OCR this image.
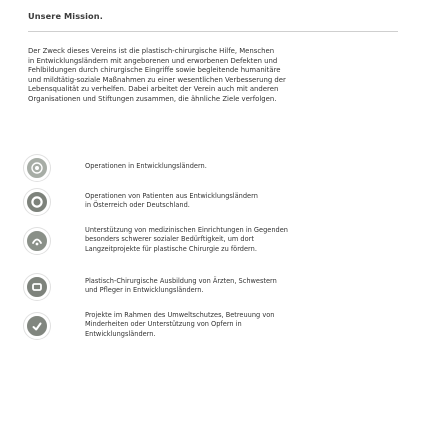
Unsere Mission.

Der Zweck dieses Vereins ist die plastisch-chirurgische Hilfe, Menschen
in Entwicklungsländern mit angeborenen und erworbenen Defekten und
Fehlbildungen durch chirurgische Eingriffe sowie begleitende humanitäre
und mildtätig-soziale Maßnahmen zu einer wesentlichen Verbesserung der
Lebensqualität zu verhelfen. Dabei arbeitet der Verein auch mit anderen
Organisationen und Stiftungen zusammen, die ähnliche Ziele verfolgen.

Operationen in Entwicklungsländern.
Operationen von Patienten aus Entwicklungsländern
in Österreich oder Deutschland.
Unterstützung von medizinischen Einrichtungen in Gegenden
besonders schwerer sozialer Bedürftigkeit, um dort
Langzeitprojekte für plastische Chirurgie zu fördern.
Plastisch-Chirurgische Ausbildung von Ärzten, Schwestern
und Pfleger in Entwicklungsländern.
Projekte im Rahmen des Umweltschutzes, Betreuung von
Minderheiten oder Unterstützung von Opfern in
Entwicklungsländern.
